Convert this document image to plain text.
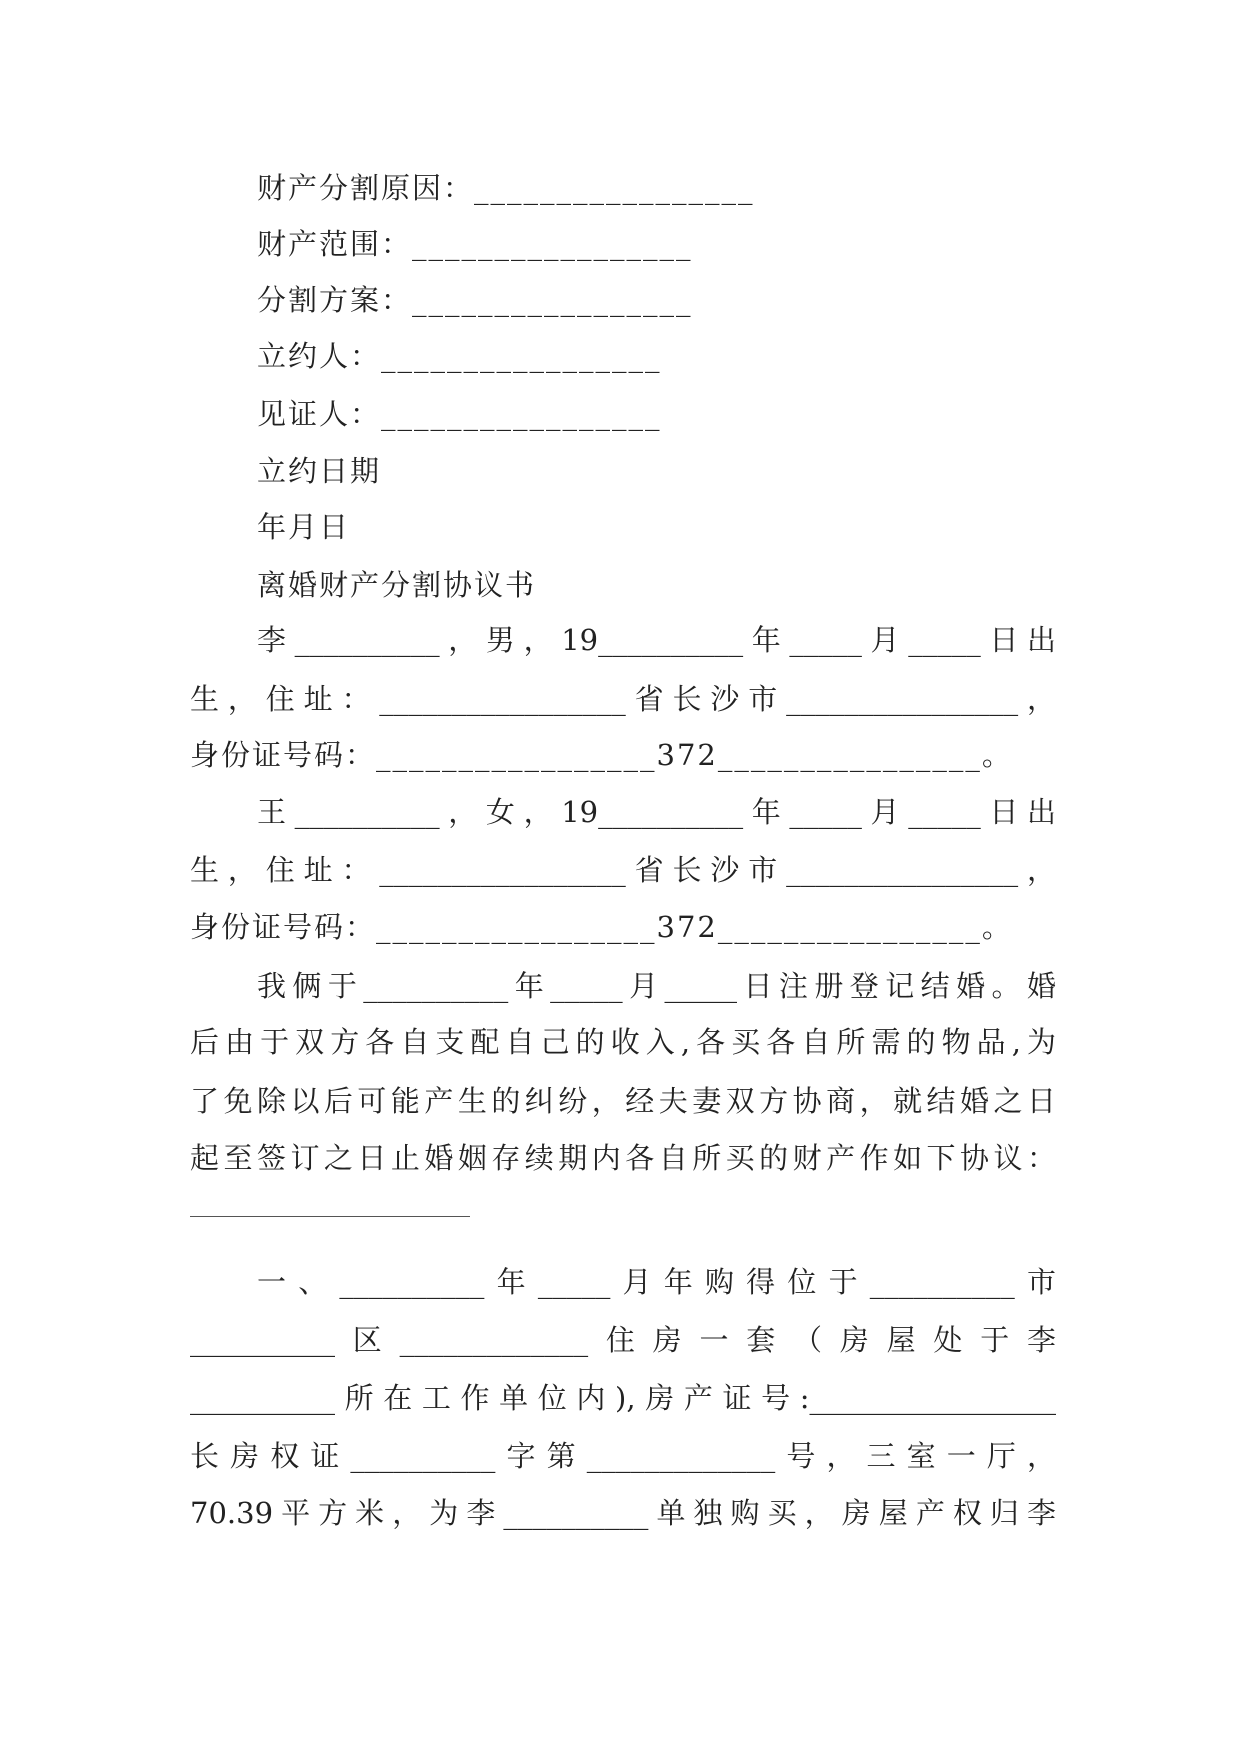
财产分割原因：_________________
财产范围：_________________
分割方案：_________________
立约人：_________________
见证人：_________________
立约日期
年月日
离婚财产分割协议书
李__________，男，19__________年_____月_____日出
生，住址：_________________省长沙市________________，
身份证号码：_________________372________________。
王__________，女，19__________年_____月_____日出
生，住址：_________________省长沙市________________，
身份证号码：_________________372________________。
我俩于__________年_____月_____日注册登记结婚。婚
后由于双方各自支配自己的收入,各买各自所需的物品,为
了免除以后可能产生的纠纷，经夫妻双方协商，就结婚之日
起至签订之日止婚姻存续期内各自所买的财产作如下协议：
一、__________年_____月年购得位于__________市
__________区_____________住房一套（房屋处于李
__________所在工作单位内),房产证号:_________________
长房权证__________字第_____________号，三室一厅，
70.39平方米，为李__________单独购买，房屋产权归李
